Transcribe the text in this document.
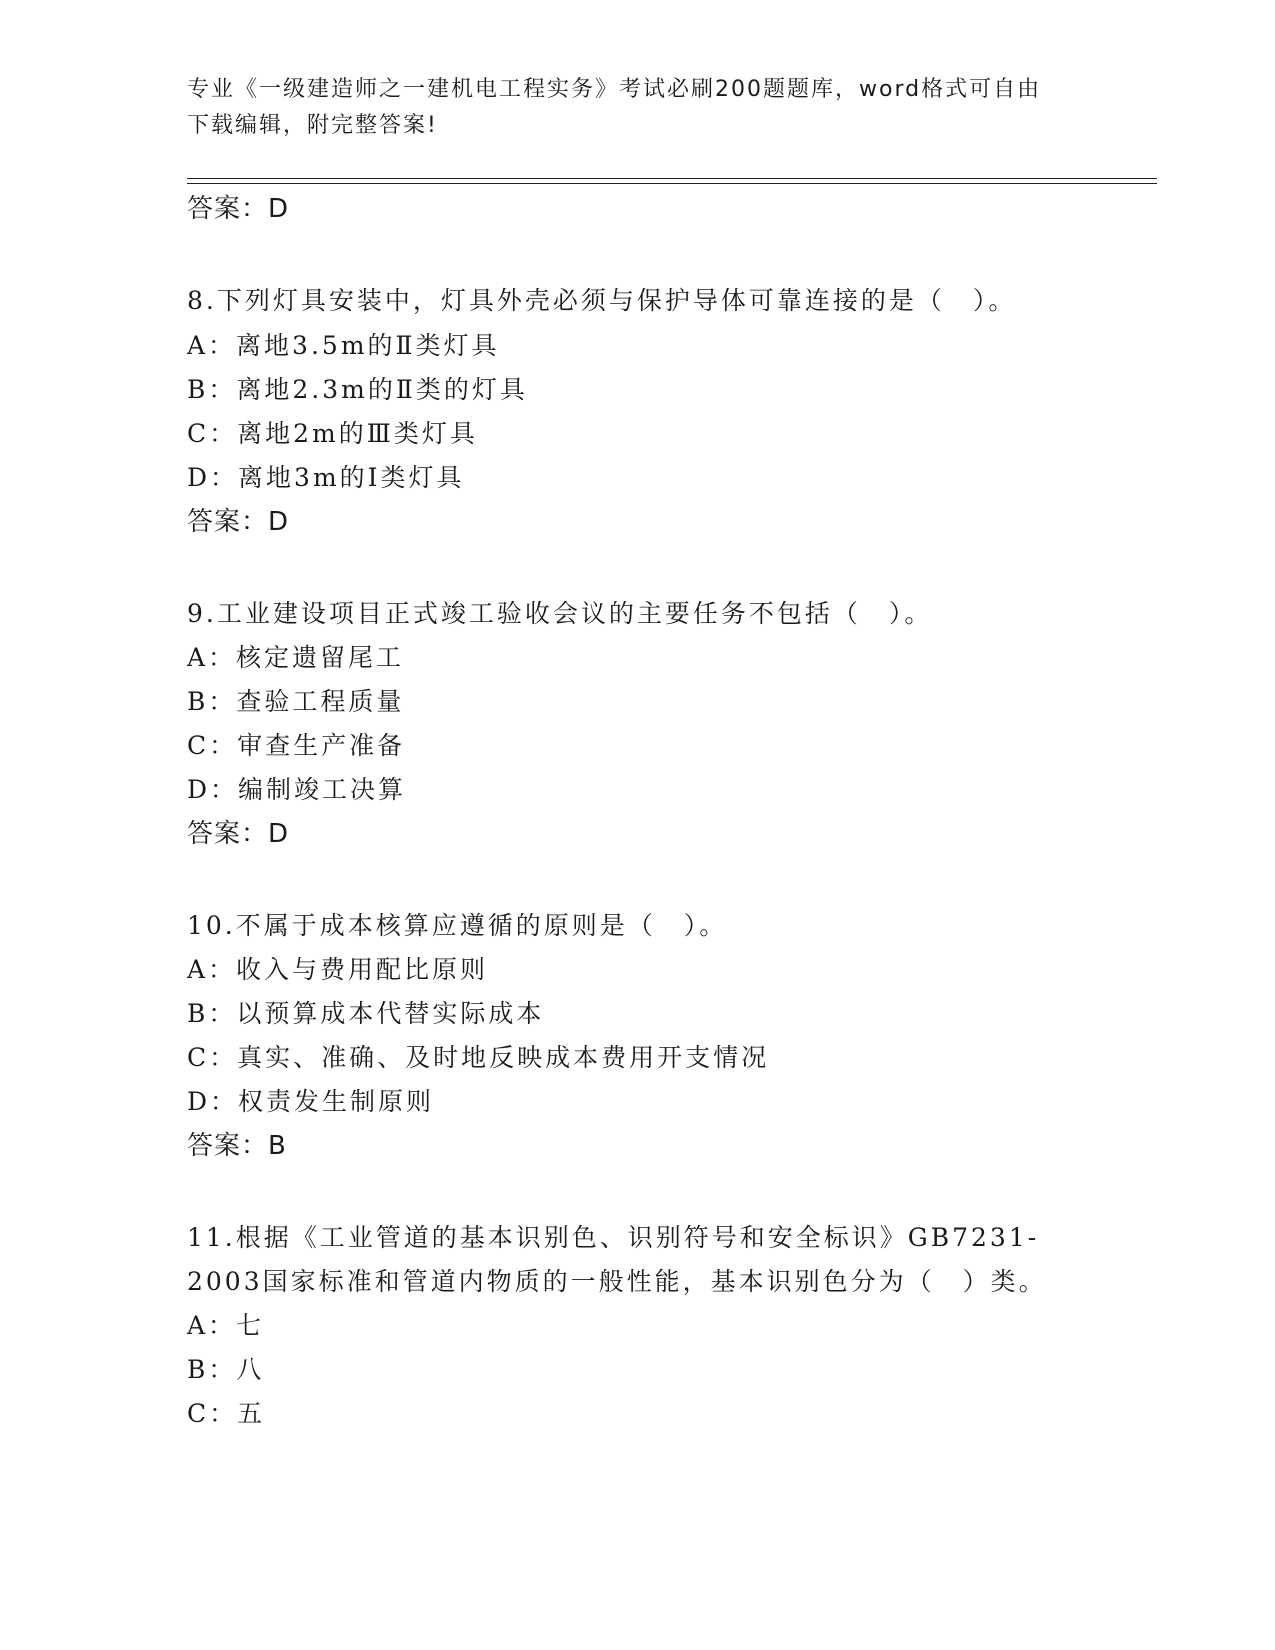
专业《一级建造师之一建机电工程实务》考试必刷200题题库，word格式可自由
下载编辑，附完整答案!
答案：D
8.下列灯具安装中，灯具外壳必须与保护导体可靠连接的是（　）。
A：离地3.5m的Ⅱ类灯具
B：离地2.3m的Ⅱ类的灯具
C：离地2m的Ⅲ类灯具
D：离地3m的Ⅰ类灯具
答案：D
9.工业建设项目正式竣工验收会议的主要任务不包括（　）。
A：核定遗留尾工
B：查验工程质量
C：审查生产准备
D：编制竣工决算
答案：D
10.不属于成本核算应遵循的原则是（　）。
A：收入与费用配比原则
B：以预算成本代替实际成本
C：真实、准确、及时地反映成本费用开支情况
D：权责发生制原则
答案：B
11.根据《工业管道的基本识别色、识别符号和安全标识》GB7231-
2003国家标准和管道内物质的一般性能，基本识别色分为（　）类。
A：七
B：八
C：五
